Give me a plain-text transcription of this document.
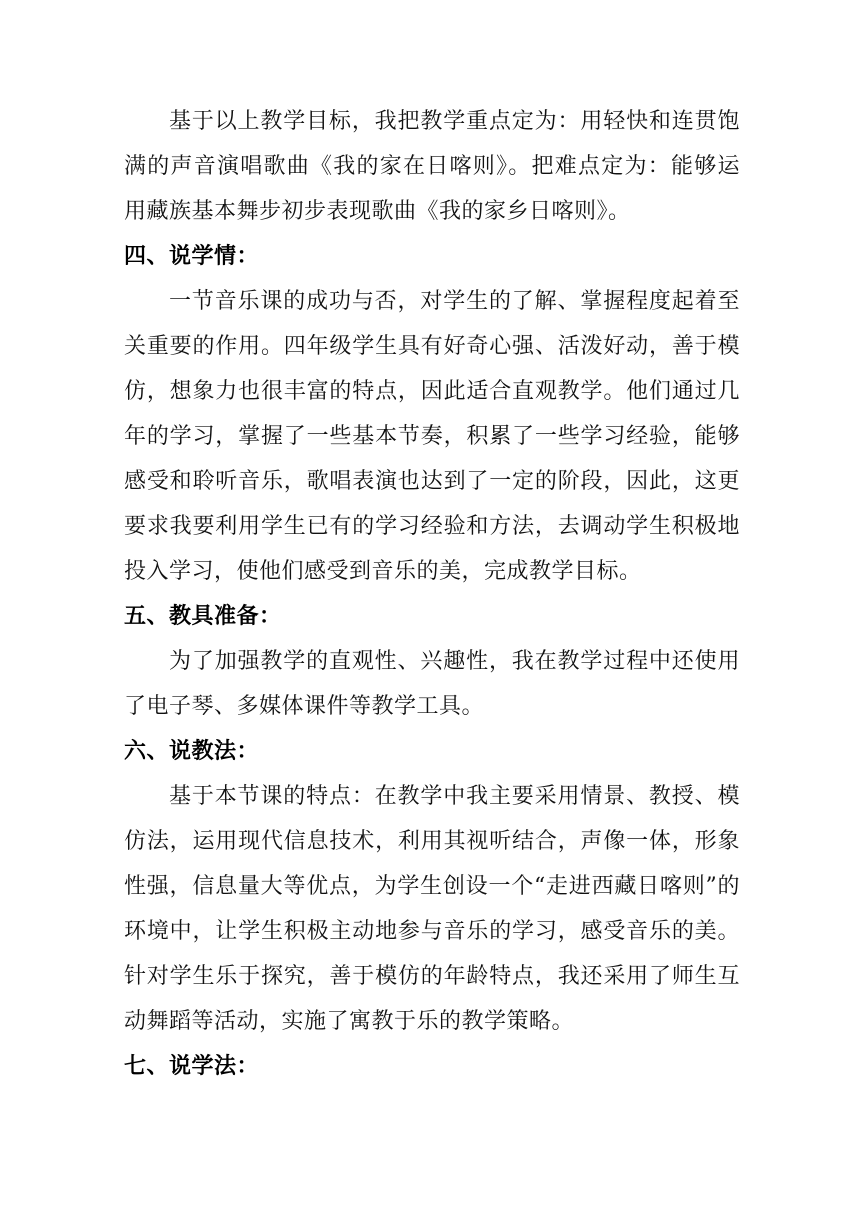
基于以上教学目标，我把教学重点定为：用轻快和连贯饱满的声音演唱歌曲《我的家在日喀则》。把难点定为：能够运用藏族基本舞步初步表现歌曲《我的家乡日喀则》。

四、说学情：

一节音乐课的成功与否，对学生的了解、掌握程度起着至关重要的作用。四年级学生具有好奇心强、活泼好动，善于模仿，想象力也很丰富的特点，因此适合直观教学。他们通过几年的学习，掌握了一些基本节奏，积累了一些学习经验，能够感受和聆听音乐，歌唱表演也达到了一定的阶段，因此，这更要求我要利用学生已有的学习经验和方法，去调动学生积极地投入学习，使他们感受到音乐的美，完成教学目标。

五、教具准备：

为了加强教学的直观性、兴趣性，我在教学过程中还使用了电子琴、多媒体课件等教学工具。

六、说教法：

基于本节课的特点：在教学中我主要采用情景、教授、模仿法，运用现代信息技术，利用其视听结合，声像一体，形象性强，信息量大等优点，为学生创设一个“走进西藏日喀则”的环境中，让学生积极主动地参与音乐的学习，感受音乐的美。针对学生乐于探究，善于模仿的年龄特点，我还采用了师生互动舞蹈等活动，实施了寓教于乐的教学策略。

七、说学法：
